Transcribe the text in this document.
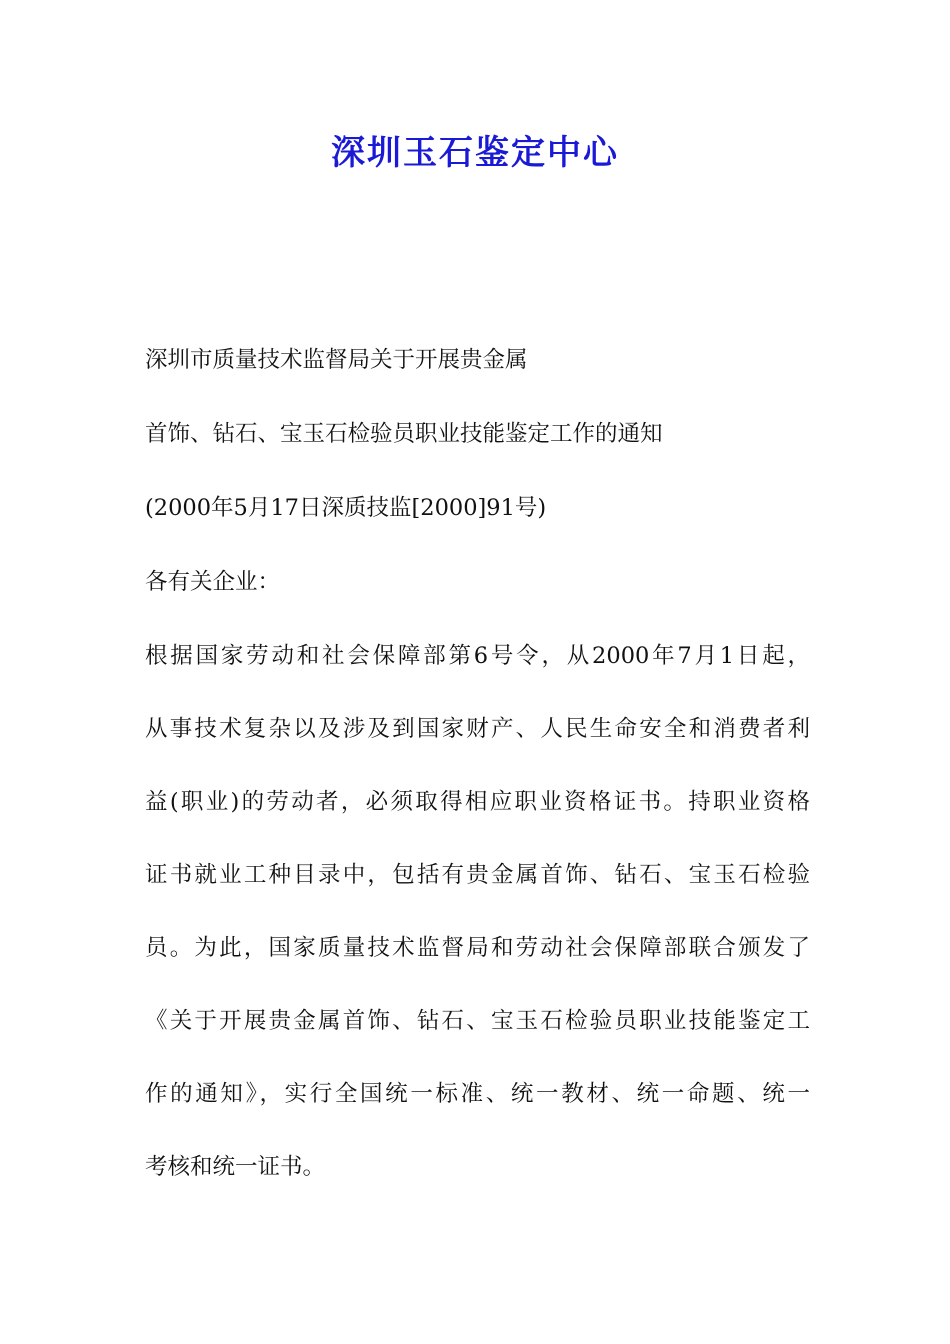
深圳玉石鉴定中心

深圳市质量技术监督局关于开展贵金属

首饰、钻石、宝玉石检验员职业技能鉴定工作的通知

(2000年5月17日深质技监[2000]91号)

各有关企业：

根据国家劳动和社会保障部第6号令，从2000年7月1日起，

从事技术复杂以及涉及到国家财产、人民生命安全和消费者利

益(职业)的劳动者，必须取得相应职业资格证书。持职业资格

证书就业工种目录中，包括有贵金属首饰、钻石、宝玉石检验

员。为此，国家质量技术监督局和劳动社会保障部联合颁发了

《关于开展贵金属首饰、钻石、宝玉石检验员职业技能鉴定工

作的通知》，实行全国统一标准、统一教材、统一命题、统一

考核和统一证书。
